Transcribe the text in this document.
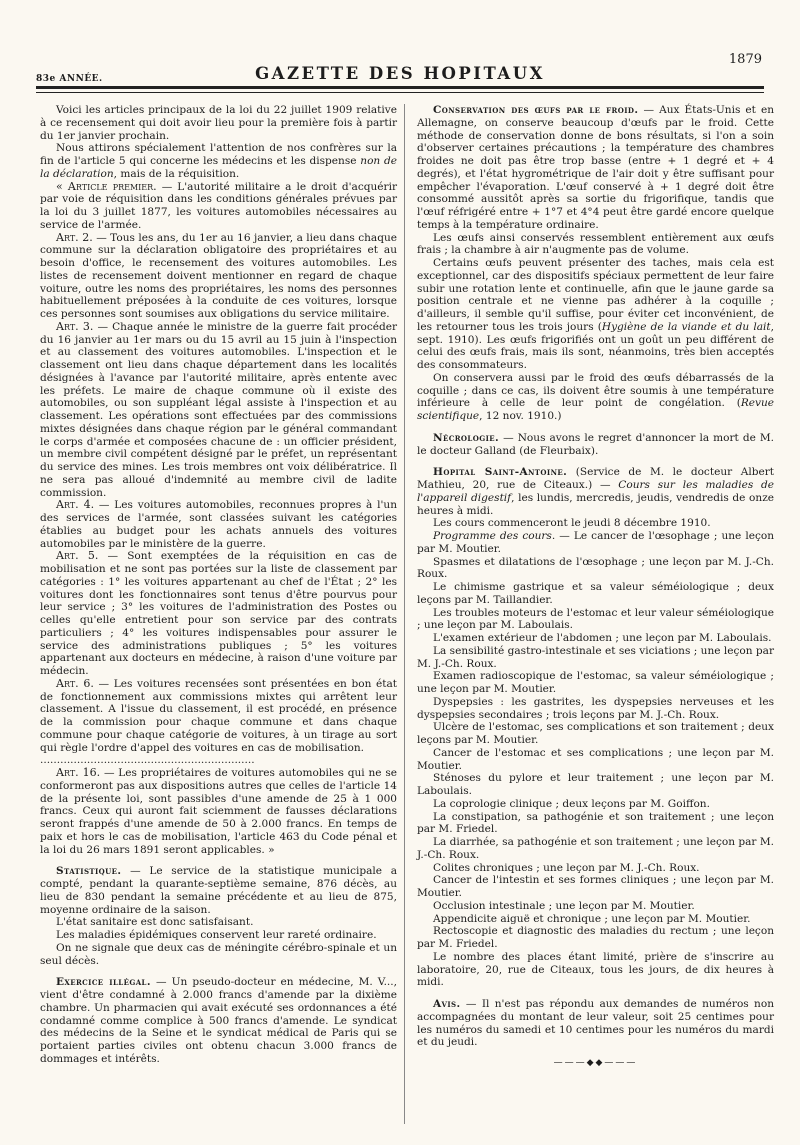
83e ANNÉE.	GAZETTE DES HOPITAUX
1879

Voici les articles principaux de la loi du 22 juillet 1909 relative à ce recensement qui doit avoir lieu pour la première fois à partir du 1er janvier prochain.

Nous attirons spécialement l'attention de nos confrères sur la fin de l'article 5 qui concerne les médecins et les dispense non de la déclaration, mais de la réquisition.

« Article premier. — L'autorité militaire a le droit d'acquérir par voie de réquisition dans les conditions générales prévues par la loi du 3 juillet 1877, les voitures automobiles nécessaires au service de l'armée.

Art. 2. — Tous les ans, du 1er au 16 janvier, a lieu dans chaque commune sur la déclaration obligatoire des propriétaires et au besoin d'office, le recensement des voitures automobiles. Les listes de recensement doivent mentionner en regard de chaque voiture, outre les noms des propriétaires, les noms des personnes habituellement préposées à la conduite de ces voitures, lorsque ces personnes sont soumises aux obligations du service militaire.

Art. 3. — Chaque année le ministre de la guerre fait procéder du 16 janvier au 1er mars ou du 15 avril au 15 juin à l'inspection et au classement des voitures automobiles. L'inspection et le classement ont lieu dans chaque département dans les localités désignées à l'avance par l'autorité militaire, après entente avec les préfets. Le maire de chaque commune où il existe des automobiles, ou son suppléant légal assiste à l'inspection et au classement. Les opérations sont effectuées par des commissions mixtes désignées dans chaque région par le général commandant le corps d'armée et composées chacune de : un officier président, un membre civil compétent désigné par le préfet, un représentant du service des mines. Les trois membres ont voix délibératrice. Il ne sera pas alloué d'indemnité au membre civil de ladite commission.

Art. 4. — Les voitures automobiles, reconnues propres à l'un des services de l'armée, sont classées suivant les catégories établies au budget pour les achats annuels des voitures automobiles par le ministère de la guerre.

Art. 5. — Sont exemptées de la réquisition en cas de mobilisation et ne sont pas portées sur la liste de classement par catégories : 1° les voitures appartenant au chef de l'État ; 2° les voitures dont les fonctionnaires sont tenus d'être pourvus pour leur service ; 3° les voitures de l'administration des Postes ou celles qu'elle entretient pour son service par des contrats particuliers ; 4° les voitures indispensables pour assurer le service des administrations publiques ; 5° les voitures appartenant aux docteurs en médecine, à raison d'une voiture par médecin.

Art. 6. — Les voitures recensées sont présentées en bon état de fonctionnement aux commissions mixtes qui arrêtent leur classement. A l'issue du classement, il est procédé, en présence de la commission pour chaque commune et dans chaque commune pour chaque catégorie de voitures, à un tirage au sort qui règle l'ordre d'appel des voitures en cas de mobilisation.

................................................................

Art. 16. — Les propriétaires de voitures automobiles qui ne se conformeront pas aux dispositions autres que celles de l'article 14 de la présente loi, sont passibles d'une amende de 25 à 1 000 francs. Ceux qui auront fait sciemment de fausses déclarations seront frappés d'une amende de 50 à 2.000 francs. En temps de paix et hors le cas de mobilisation, l'article 463 du Code pénal et la loi du 26 mars 1891 seront applicables. »

Statistique. — Le service de la statistique municipale a compté, pendant la quarante-septième semaine, 876 décès, au lieu de 830 pendant la semaine précédente et au lieu de 875, moyenne ordinaire de la saison.

L'état sanitaire est donc satisfaisant.

Les maladies épidémiques conservent leur rareté ordinaire.

On ne signale que deux cas de méningite cérébro-spinale et un seul décès.

Exercice illégal. — Un pseudo-docteur en médecine, M. V..., vient d'être condamné à 2.000 francs d'amende par la dixième chambre. Un pharmacien qui avait exécuté ses ordonnances a été condamné comme complice à 500 francs d'amende. Le syndicat des médecins de la Seine et le syndicat médical de Paris qui se portaient parties civiles ont obtenu chacun 3.000 francs de dommages et intérêts.

Conservation des œufs par le froid. — Aux États-Unis et en Allemagne, on conserve beaucoup d'œufs par le froid. Cette méthode de conservation donne de bons résultats, si l'on a soin d'observer certaines précautions ; la température des chambres froides ne doit pas être trop basse (entre + 1 degré et + 4 degrés), et l'état hygrométrique de l'air doit y être suffisant pour empêcher l'évaporation. L'œuf conservé à + 1 degré doit être consommé aussitôt après sa sortie du frigorifique, tandis que l'œuf réfrigéré entre + 1°7 et 4°4 peut être gardé encore quelque temps à la température ordinaire.

Les œufs ainsi conservés ressemblent entièrement aux œufs frais ; la chambre à air n'augmente pas de volume.

Certains œufs peuvent présenter des taches, mais cela est exceptionnel, car des dispositifs spéciaux permettent de leur faire subir une rotation lente et continuelle, afin que le jaune garde sa position centrale et ne vienne pas adhérer à la coquille ; d'ailleurs, il semble qu'il suffise, pour éviter cet inconvénient, de les retourner tous les trois jours (Hygiène de la viande et du lait, sept. 1910). Les œufs frigorifiés ont un goût un peu différent de celui des œufs frais, mais ils sont, néanmoins, très bien acceptés des consommateurs.

On conservera aussi par le froid des œufs débarrassés de la coquille ; dans ce cas, ils doivent être soumis à une température inférieure à celle de leur point de congélation. (Revue scientifique, 12 nov. 1910.)

Nécrologie. — Nous avons le regret d'annoncer la mort de M. le docteur Galland (de Fleurbaix).

Hopital Saint-Antoine. (Service de M. le docteur Albert Mathieu, 20, rue de Citeaux.) — Cours sur les maladies de l'appareil digestif, les lundis, mercredis, jeudis, vendredis de onze heures à midi.

Les cours commenceront le jeudi 8 décembre 1910.

Programme des cours. — Le cancer de l'œsophage ; une leçon par M. Moutier.

Spasmes et dilatations de l'œsophage ; une leçon par M. J.-Ch. Roux.

Le chimisme gastrique et sa valeur séméiologique ; deux leçons par M. Taillandier.

Les troubles moteurs de l'estomac et leur valeur séméiologique ; une leçon par M. Laboulais.

L'examen extérieur de l'abdomen ; une leçon par M. Laboulais.

La sensibilité gastro-intestinale et ses viciations ; une leçon par M. J.-Ch. Roux.

Examen radioscopique de l'estomac, sa valeur séméiologique ; une leçon par M. Moutier.

Dyspepsies : les gastrites, les dyspepsies nerveuses et les dyspepsies secondaires ; trois leçons par M. J.-Ch. Roux.

Ulcère de l'estomac, ses complications et son traitement ; deux leçons par M. Moutier.

Cancer de l'estomac et ses complications ; une leçon par M. Moutier.

Sténoses du pylore et leur traitement ; une leçon par M. Laboulais.

La coprologie clinique ; deux leçons par M. Goiffon.

La constipation, sa pathogénie et son traitement ; une leçon par M. Friedel.

La diarrhée, sa pathogénie et son traitement ; une leçon par M. J.-Ch. Roux.

Colites chroniques ; une leçon par M. J.-Ch. Roux.

Cancer de l'intestin et ses formes cliniques ; une leçon par M. Moutier.

Occlusion intestinale ; une leçon par M. Moutier.

Appendicite aiguë et chronique ; une leçon par M. Moutier.

Rectoscopie et diagnostic des maladies du rectum ; une leçon par M. Friedel.

Le nombre des places étant limité, prière de s'inscrire au laboratoire, 20, rue de Citeaux, tous les jours, de dix heures à midi.

Avis. — Il n'est pas répondu aux demandes de numéros non accompagnées du montant de leur valeur, soit 25 centimes pour les numéros du samedi et 10 centimes pour les numéros du mardi et du jeudi.

———◆◆———
